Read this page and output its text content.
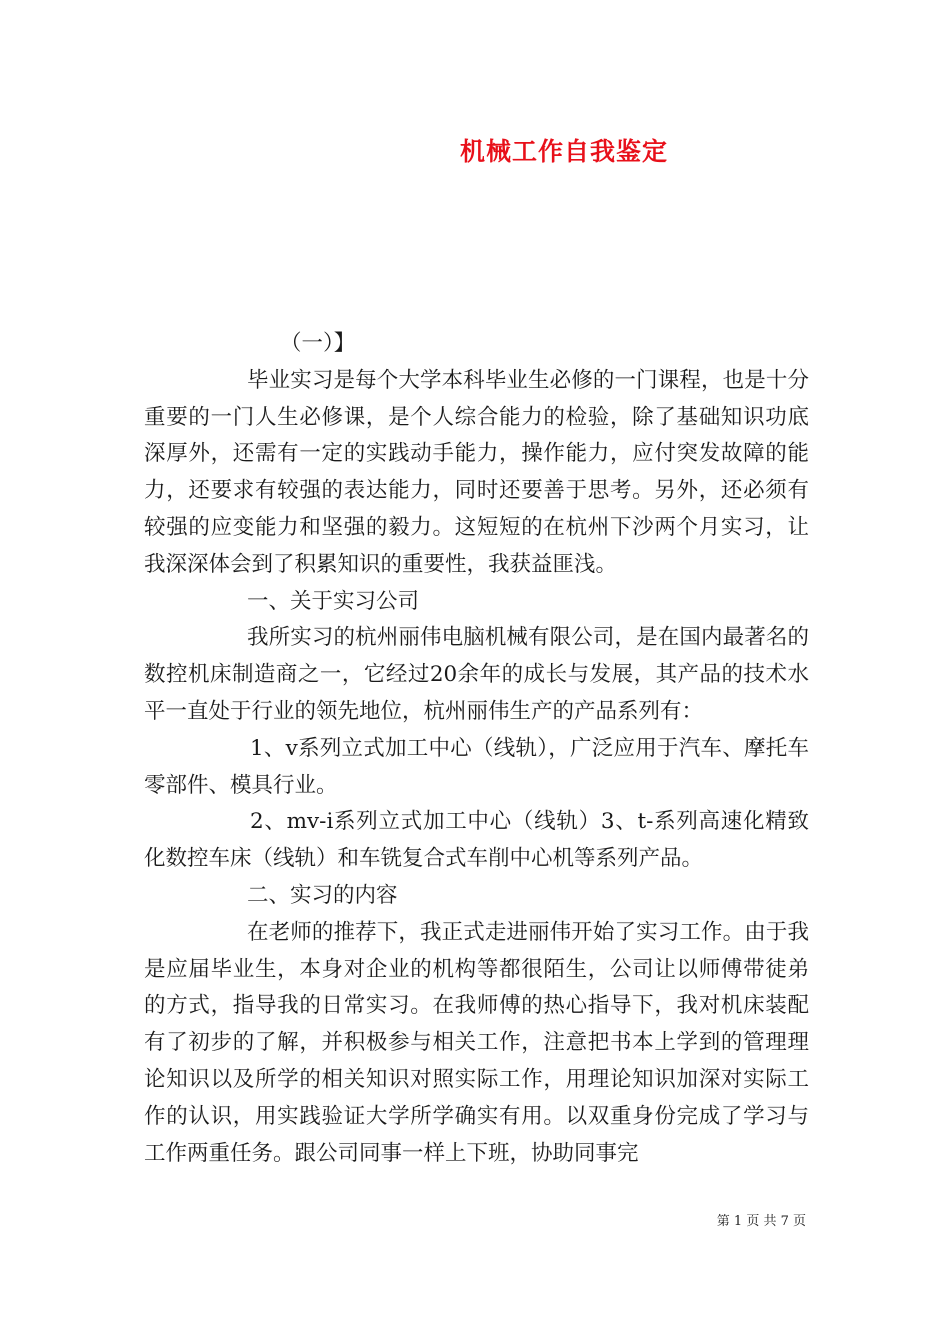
机械工作自我鉴定

（一）】

毕业实习是每个大学本科毕业生必修的一门课程，也是十分重要的一门人生必修课，是个人综合能力的检验，除了基础知识功底深厚外，还需有一定的实践动手能力，操作能力，应付突发故障的能力，还要求有较强的表达能力，同时还要善于思考。另外，还必须有较强的应变能力和坚强的毅力。这短短的在杭州下沙两个月实习，让我深深体会到了积累知识的重要性，我获益匪浅。

一、关于实习公司

我所实习的杭州丽伟电脑机械有限公司，是在国内最著名的数控机床制造商之一，它经过20余年的成长与发展，其产品的技术水平一直处于行业的领先地位，杭州丽伟生产的产品系列有：

1、v系列立式加工中心（线轨），广泛应用于汽车、摩托车零部件、模具行业。

2、mv-i系列立式加工中心（线轨）3、t-系列高速化精致化数控车床（线轨）和车铣复合式车削中心机等系列产品。

二、实习的内容

在老师的推荐下，我正式走进丽伟开始了实习工作。由于我是应届毕业生，本身对企业的机构等都很陌生，公司让以师傅带徒弟的方式，指导我的日常实习。在我师傅的热心指导下，我对机床装配有了初步的了解，并积极参与相关工作，注意把书本上学到的管理理论知识以及所学的相关知识对照实际工作，用理论知识加深对实际工作的认识，用实践验证大学所学确实有用。以双重身份完成了学习与工作两重任务。跟公司同事一样上下班，协助同事完

第 1 页 共 7 页
